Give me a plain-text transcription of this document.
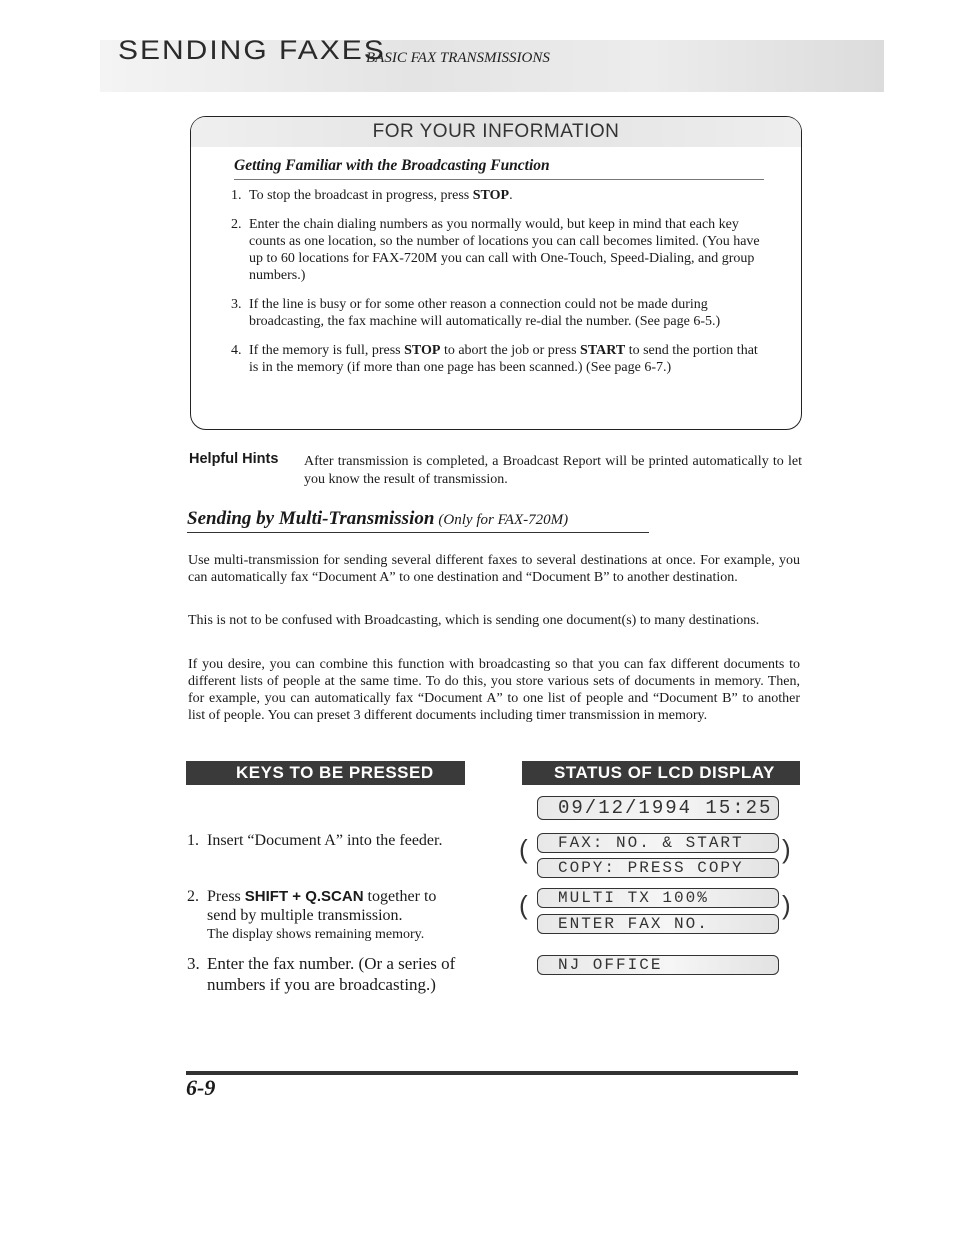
SENDING FAXES
BASIC FAX TRANSMISSIONS
FOR YOUR INFORMATION
Getting Familiar with the Broadcasting Function
1. To stop the broadcast in progress, press STOP.
2. Enter the chain dialing numbers as you normally would, but keep in mind that each key counts as one location, so the number of locations you can call becomes limited. (You have up to 60 locations for FAX-720M you can call with One-Touch, Speed-Dialing, and group numbers.)
3. If the line is busy or for some other reason a connection could not be made during broadcasting, the fax machine will automatically re-dial the number. (See page 6-5.)
4. If the memory is full, press STOP to abort the job or press START to send the portion that is in the memory (if more than one page has been scanned.) (See page 6-7.)
Helpful Hints After transmission is completed, a Broadcast Report will be printed automatically to let you know the result of transmission.
Sending by Multi-Transmission (Only for FAX-720M)
Use multi-transmission for sending several different faxes to several destinations at once. For example, you can automatically fax “Document A” to one destination and “Document B” to another destination.
This is not to be confused with Broadcasting, which is sending one document(s) to many destinations.
If you desire, you can combine this function with broadcasting so that you can fax different documents to different lists of people at the same time. To do this, you store various sets of documents in memory. Then, for example, you can automatically fax “Document A” to one list of people and “Document B” to another list of people. You can preset 3 different documents including timer transmission in memory.
KEYS TO BE PRESSED	STATUS OF LCD DISPLAY
1. Insert “Document A” into the feeder.
2. Press SHIFT + Q.SCAN together to send by multiple transmission.
The display shows remaining memory.
3. Enter the fax number. (Or a series of numbers if you are broadcasting.)
09/12/1994 15:25
(	)
FAX: NO. & START
COPY: PRESS COPY
(	)
MULTI TX 100%
ENTER FAX NO.
NJ OFFICE
6-9
